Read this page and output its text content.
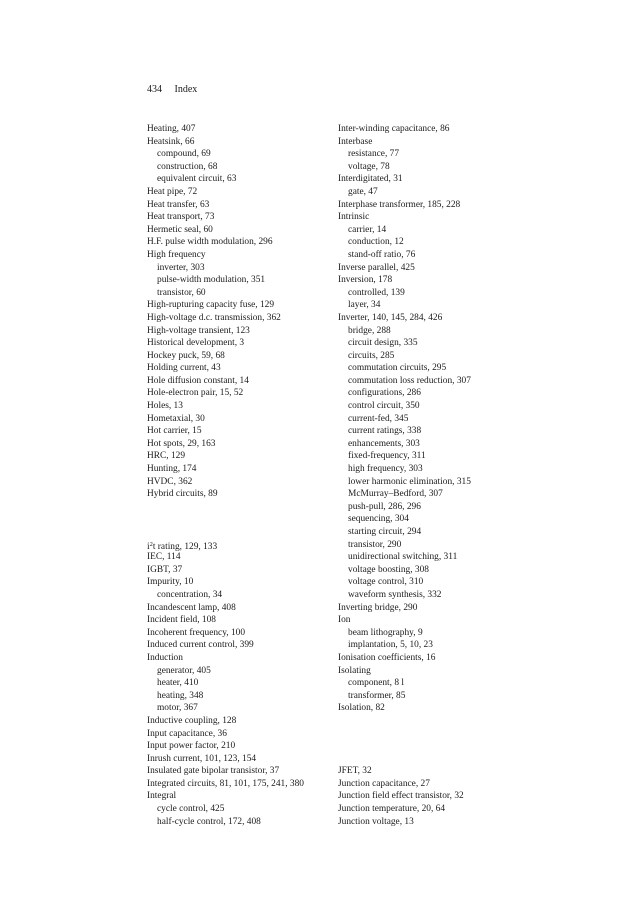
434 Index
Heating, 407
Heatsink, 66
compound, 69
construction, 68
equivalent circuit, 63
Heat pipe, 72
Heat transfer, 63
Heat transport, 73
Hermetic seal, 60
H.F. pulse width modulation, 296
High frequency
inverter, 303
pulse-width modulation, 351
transistor, 60
High-rupturing capacity fuse, 129
High-voltage d.c. transmission, 362
High-voltage transient, 123
Historical development, 3
Hockey puck, 59, 68
Holding current, 43
Hole diffusion constant, 14
Hole-electron pair, 15, 52
Holes, 13
Hometaxial, 30
Hot carrier, 15
Hot spots, 29, 163
HRC, 129
Hunting, 174
HVDC, 362
Hybrid circuits, 89
$i^2t$ rating, 129, 133
IEC, 114
IGBT, 37
Impurity, 10
concentration, 34
Incandescent lamp, 408
Incident field, 108
Incoherent frequency, 100
Induced current control, 399
Induction
generator, 405
heater, 410
heating, 348
motor, 367
Inductive coupling, 128
Input capacitance, 36
Input power factor, 210
Inrush current, 101, 123, 154
Insulated gate bipolar transistor, 37
Integrated circuits, 81, 101, 175, 241, 380
Integral
cycle control, 425
half-cycle control, 172, 408
Inter-winding capacitance, 86
Interbase
resistance, 77
voltage, 78
Interdigitated, 31
gate, 47
Interphase transformer, 185, 228
Intrinsic
carrier, 14
conduction, 12
stand-off ratio, 76
Inverse parallel, 425
Inversion, 178
controlled, 139
layer, 34
Inverter, 140, 145, 284, 426
bridge, 288
circuit design, 335
circuits, 285
commutation circuits, 295
commutation loss reduction, 307
configurations, 286
control circuit, 350
current-fed, 345
current ratings, 338
enhancements, 303
fixed-frequency, 311
high frequency, 303
lower harmonic elimination, 315
McMurray–Bedford, 307
push-pull, 286, 296
sequencing, 304
starting circuit, 294
transistor, 290
unidirectional switching, 311
voltage boosting, 308
voltage control, 310
waveform synthesis, 332
Inverting bridge, 290
Ion
beam lithography, 9
implantation, 5, 10, 23
Ionisation coefficients, 16
Isolating
component, 8 l
transformer, 85
Isolation, 82
JFET, 32
Junction capacitance, 27
Junction field effect transistor, 32
Junction temperature, 20, 64
Junction voltage, 13
